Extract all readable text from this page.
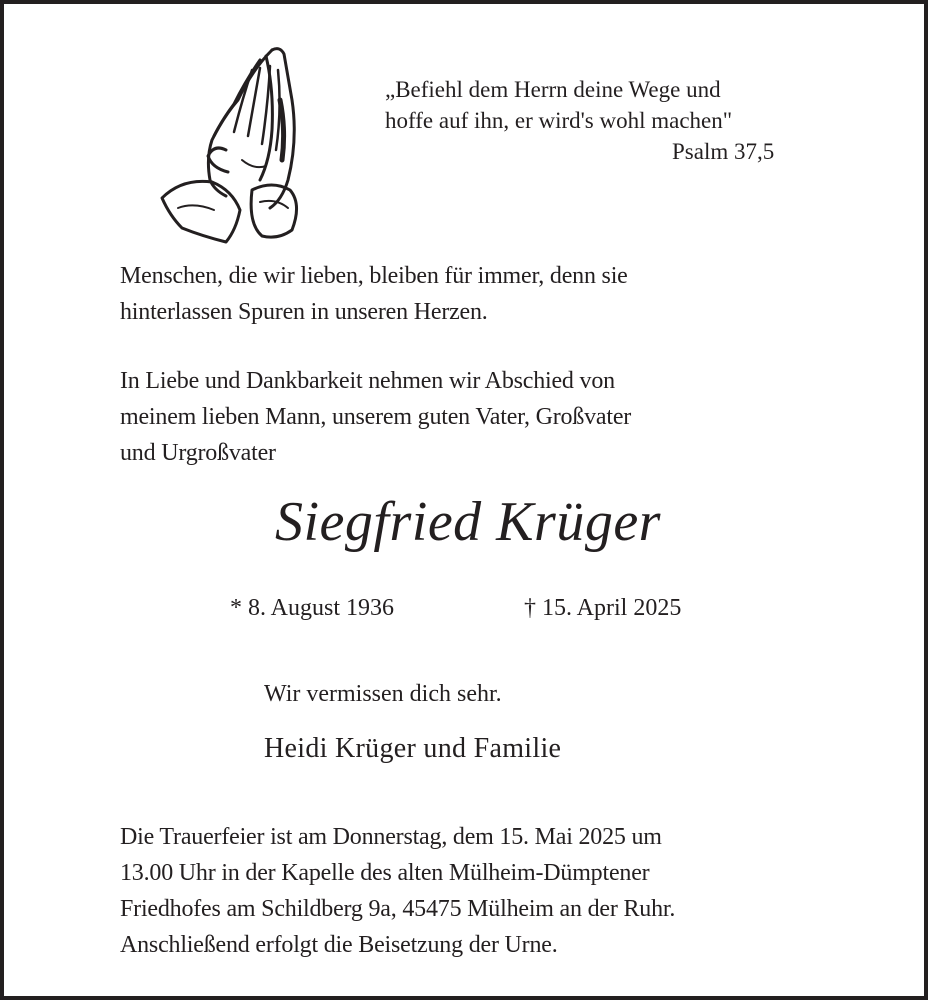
„Befiehl dem Herrn deine Wege und
hoffe auf ihn, er wird's wohl machen"
Psalm 37,5
Menschen, die wir lieben, bleiben für immer, denn sie
hinterlassen Spuren in unseren Herzen.
In Liebe und Dankbarkeit nehmen wir Abschied von
meinem lieben Mann, unserem guten Vater, Großvater
und Urgroßvater
Siegfried Krüger
* 8. August 1936	† 15. April 2025
Wir vermissen dich sehr.
Heidi Krüger und Familie
Die Trauerfeier ist am Donnerstag, dem 15. Mai 2025 um
13.00 Uhr in der Kapelle des alten Mülheim-Dümptener
Friedhofes am Schildberg 9a, 45475 Mülheim an der Ruhr.
Anschließend erfolgt die Beisetzung der Urne.
